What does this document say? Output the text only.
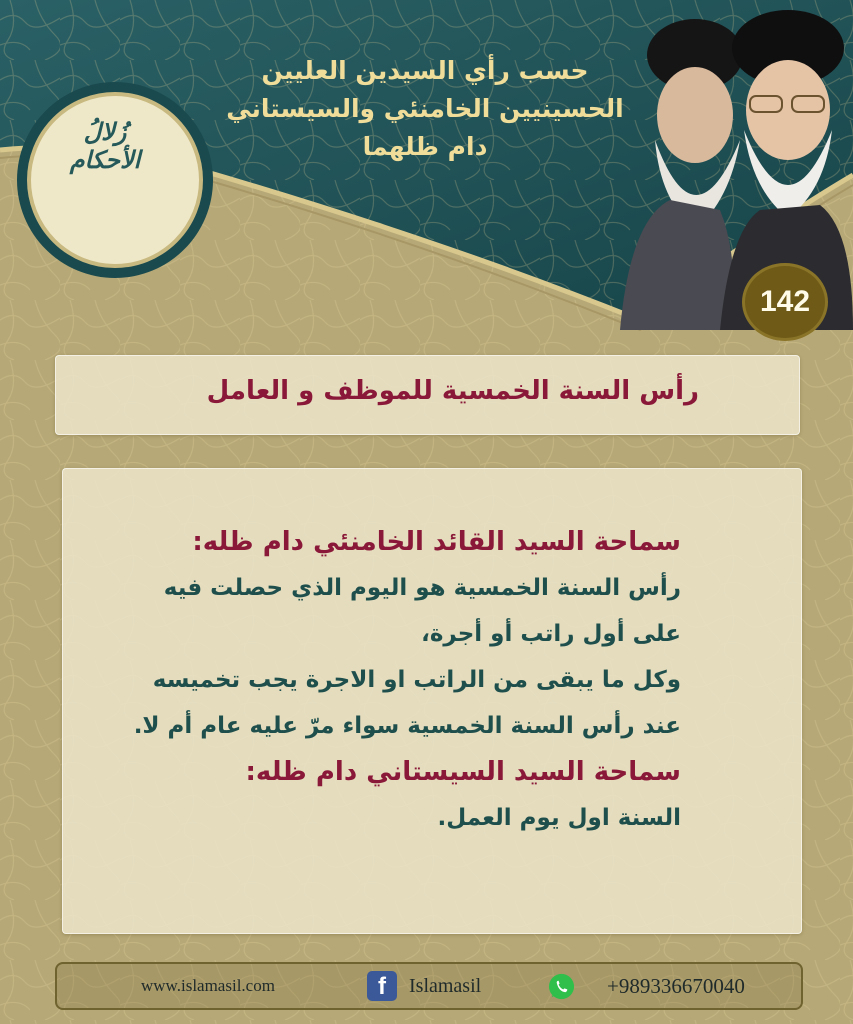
زُلالُ
الأحكام
حسب رأي السيدين العليين
الحسينيين الخامنئي والسيستاني
دام ظلهما
142
رأس السنة الخمسية للموظف و العامل
سماحة السيد القائد الخامنئي دام ظله:
رأس السنة الخمسية هو اليوم الذي حصلت فيه
على أول راتب أو أجرة،
وكل ما يبقى من الراتب او الاجرة يجب تخميسه
عند رأس السنة الخمسية سواء مرّ عليه عام أم لا.
سماحة السيد السيستاني دام ظله:
السنة اول يوم العمل.
www.islamasil.com	f	Islamasil	+989336670040
